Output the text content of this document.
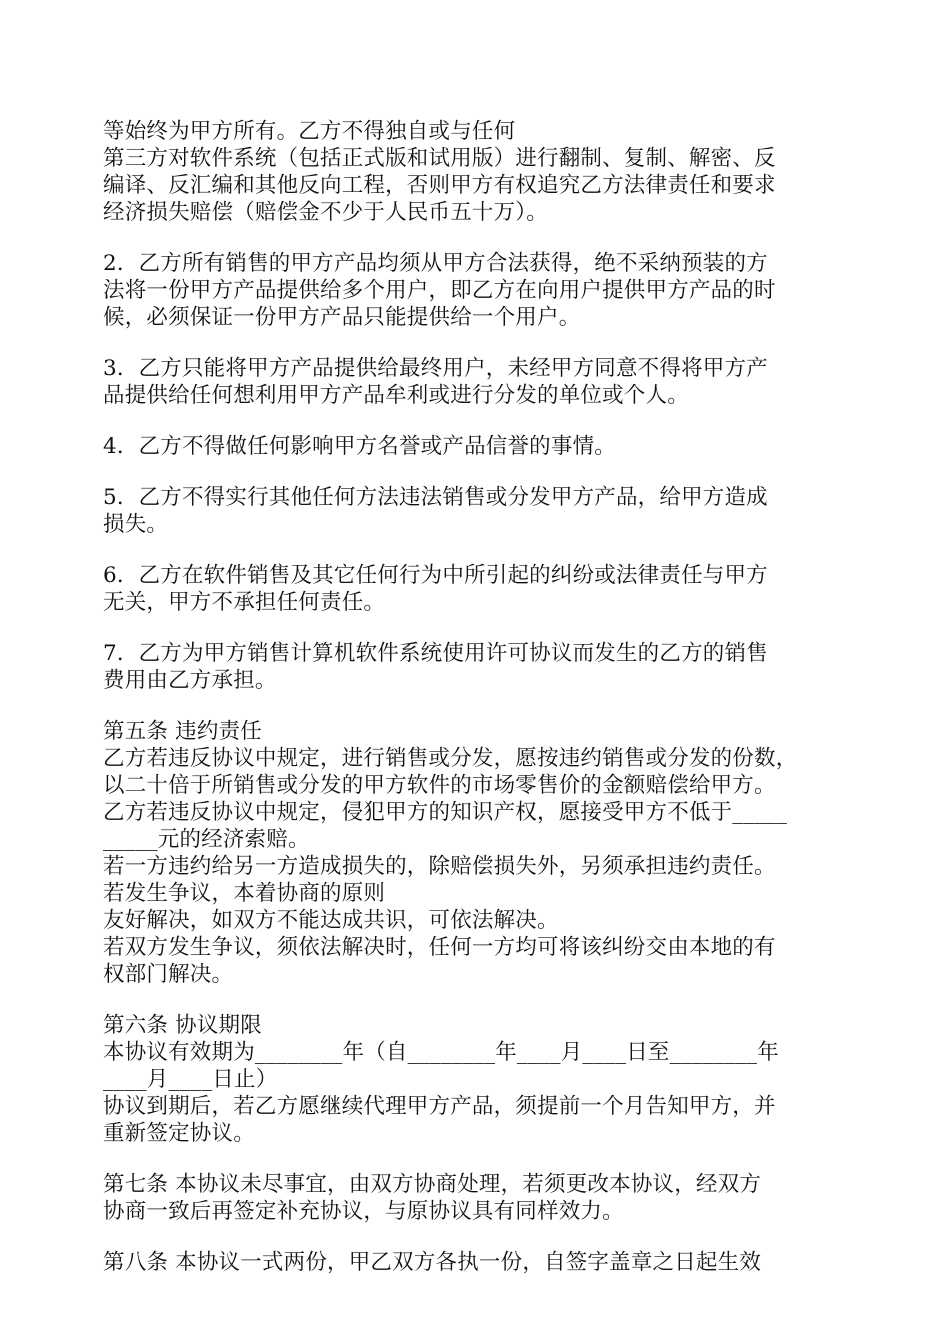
等始终为甲方所有。乙方不得独自或与任何
第三方对软件系统（包括正式版和试用版）进行翻制、复制、解密、反
编译、反汇编和其他反向工程，否则甲方有权追究乙方法律责任和要求
经济损失赔偿（赔偿金不少于人民币五十万）。
2．乙方所有销售的甲方产品均须从甲方合法获得，绝不采纳预装的方
法将一份甲方产品提供给多个用户，即乙方在向用户提供甲方产品的时
候，必须保证一份甲方产品只能提供给一个用户。
3．乙方只能将甲方产品提供给最终用户，未经甲方同意不得将甲方产
品提供给任何想利用甲方产品牟利或进行分发的单位或个人。
4．乙方不得做任何影响甲方名誉或产品信誉的事情。
5．乙方不得实行其他任何方法违法销售或分发甲方产品，给甲方造成
损失。
6．乙方在软件销售及其它任何行为中所引起的纠纷或法律责任与甲方
无关，甲方不承担任何责任。
7．乙方为甲方销售计算机软件系统使用许可协议而发生的乙方的销售
费用由乙方承担。
第五条 违约责任
乙方若违反协议中规定，进行销售或分发，愿按违约销售或分发的份数，
以二十倍于所销售或分发的甲方软件的市场零售价的金额赔偿给甲方。
乙方若违反协议中规定，侵犯甲方的知识产权，愿接受甲方不低于_____
_____元的经济索赔。
若一方违约给另一方造成损失的，除赔偿损失外，另须承担违约责任。
若发生争议，本着协商的原则
友好解决，如双方不能达成共识，可依法解决。
若双方发生争议，须依法解决时，任何一方均可将该纠纷交由本地的有
权部门解决。
第六条 协议期限
本协议有效期为________年（自________年____月____日至________年
____月____日止）
协议到期后，若乙方愿继续代理甲方产品，须提前一个月告知甲方，并
重新签定协议。
第七条 本协议未尽事宜，由双方协商处理，若须更改本协议，经双方
协商一致后再签定补充协议，与原协议具有同样效力。
第八条 本协议一式两份，甲乙双方各执一份，自签字盖章之日起生效
